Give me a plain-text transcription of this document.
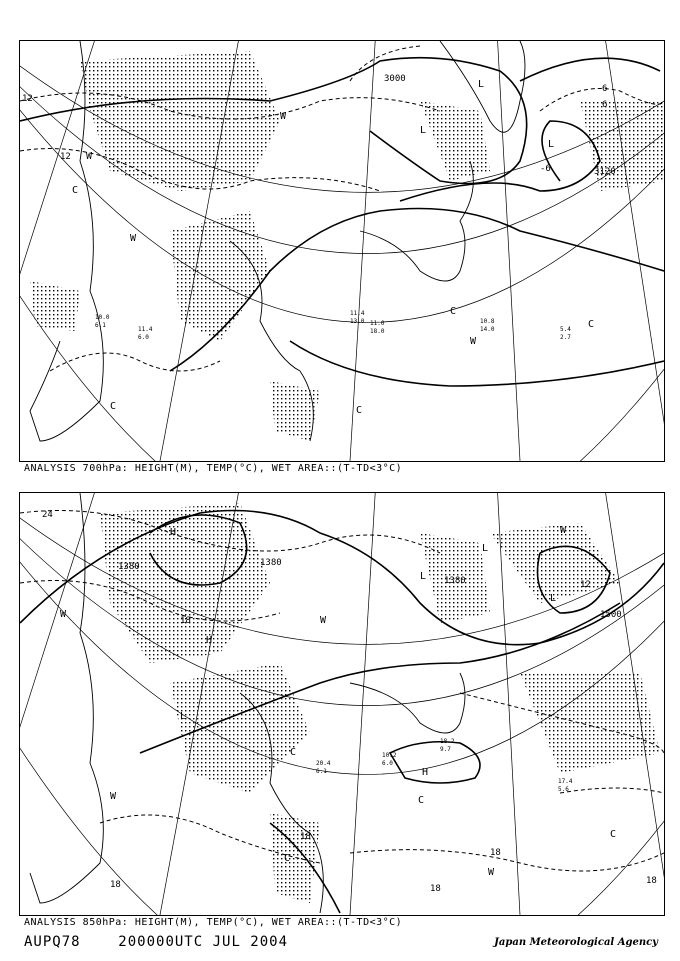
3000
3120
12
12
6
6
-6
L
L
L
W
W
W
W
C
C
C
C
C
10.8
14.0	5.4
2.7
11.4
6.0
11.4
13.0 11.0
18.0
10.0
6.1
ANALYSIS 700hPa: HEIGHT(M), TEMP(°C), WET AREA::(T-TD<3°C)
1380	1380
1380
1500
24
18
18
18
18	18
12
18
H
H
H
L
L
L
L
W
W
W
W
W
C
C
C
C
17.4
5.6
10.2
6.0
20.4
6.1
18.2
9.7
ANALYSIS 850hPa: HEIGHT(M), TEMP(°C), WET AREA::(T-TD<3°C)
AUPQ78	200000UTC JUL 2004	Japan Meteorological Agency
